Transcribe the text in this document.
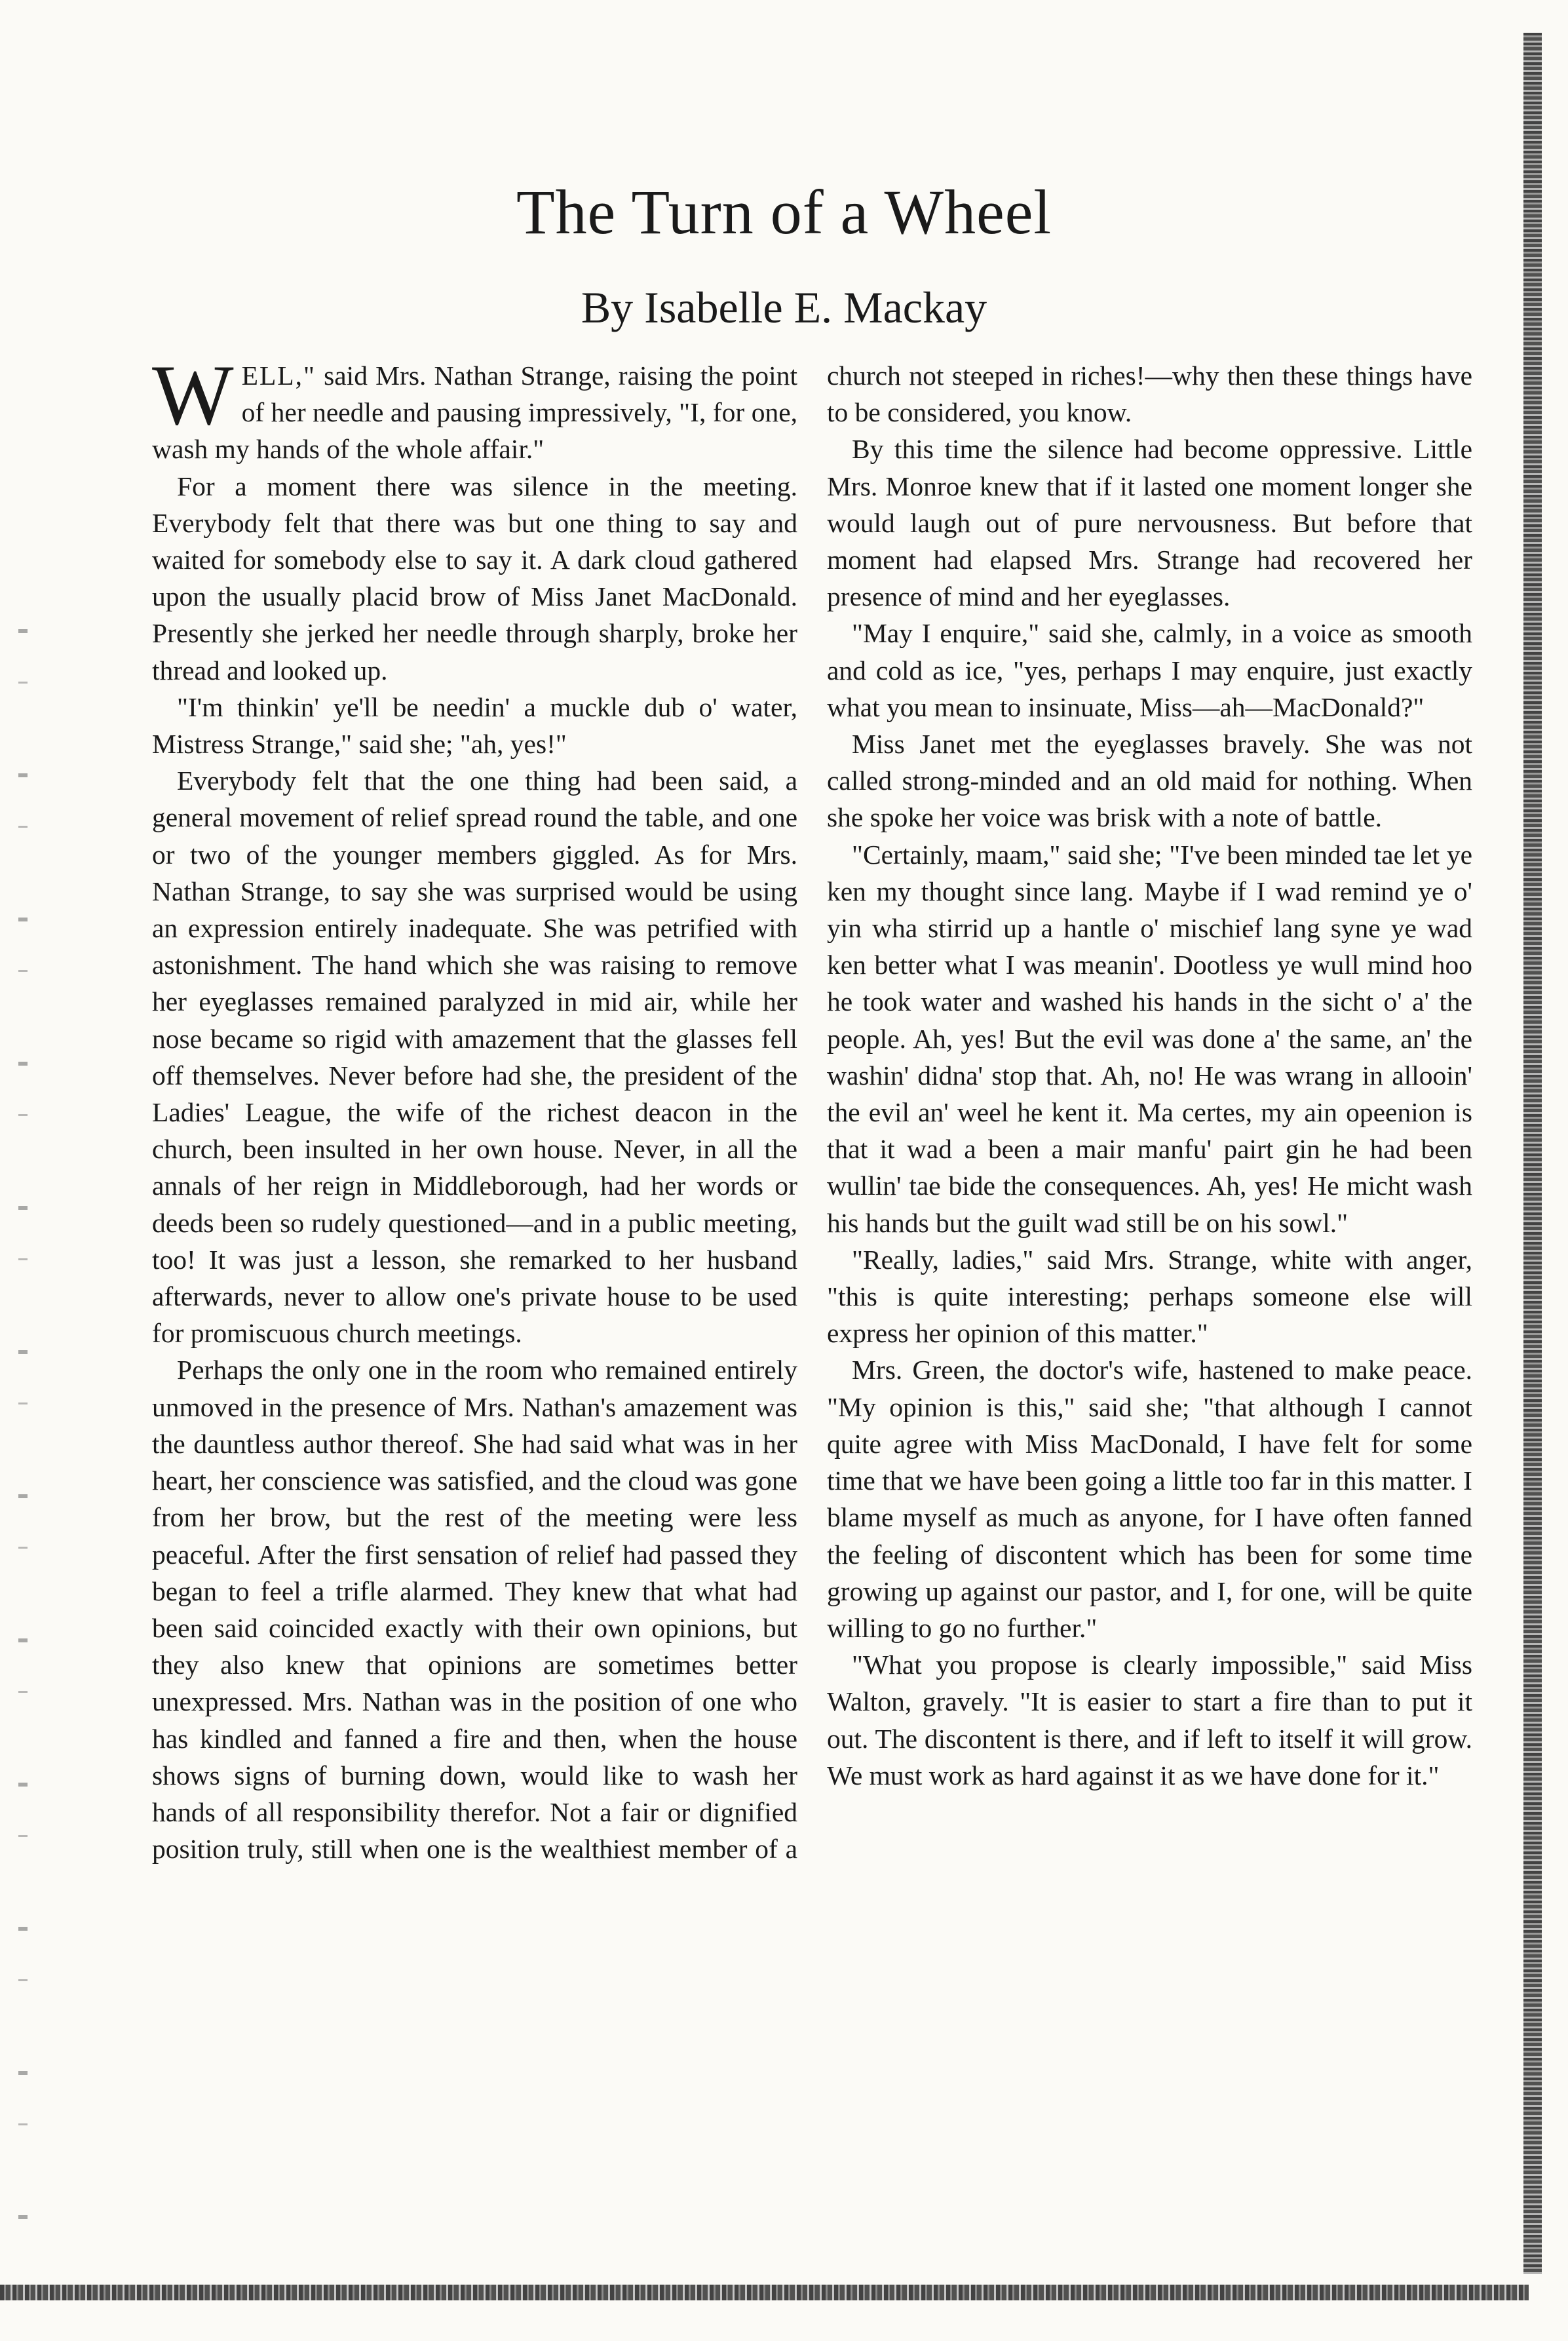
The Turn of a Wheel
By Isabelle E. Mackay

WELL," said Mrs. Nathan Strange, raising the point of her needle and pausing impressively, "I, for one, wash my hands of the whole affair."

For a moment there was silence in the meeting. Everybody felt that there was but one thing to say and waited for somebody else to say it. A dark cloud gathered upon the usually placid brow of Miss Janet MacDonald. Presently she jerked her needle through sharply, broke her thread and looked up.

"I'm thinkin' ye'll be needin' a muckle dub o' water, Mistress Strange," said she; "ah, yes!"

Everybody felt that the one thing had been said, a general movement of relief spread round the table, and one or two of the younger members giggled. As for Mrs. Nathan Strange, to say she was surprised would be using an expression entirely inadequate. She was petrified with astonishment. The hand which she was raising to remove her eyeglasses remained paralyzed in mid air, while her nose became so rigid with amazement that the glasses fell off themselves. Never before had she, the president of the Ladies' League, the wife of the richest deacon in the church, been insulted in her own house. Never, in all the annals of her reign in Middleborough, had her words or deeds been so rudely questioned—and in a public meeting, too! It was just a lesson, she remarked to her husband afterwards, never to allow one's private house to be used for promiscuous church meetings.

Perhaps the only one in the room who remained entirely unmoved in the presence of Mrs. Nathan's amazement was the dauntless author thereof. She had said what was in her heart, her conscience was satisfied, and the cloud was gone from her brow, but the rest of the meeting were less peaceful. After the first sensation of relief had passed they began to feel a trifle alarmed. They knew that what had been said coincided exactly with their own opinions, but they also knew that opinions are sometimes better unexpressed. Mrs. Nathan was in the position of one who has kindled and fanned a fire and then, when the house shows signs of burning down, would like to wash her hands of all responsibility therefor. Not a fair or dignified position truly, still when one is the wealthiest member of a

church not steeped in riches!—why then these things have to be considered, you know.

By this time the silence had become oppressive. Little Mrs. Monroe knew that if it lasted one moment longer she would laugh out of pure nervousness. But before that moment had elapsed Mrs. Strange had recovered her presence of mind and her eyeglasses.

"May I enquire," said she, calmly, in a voice as smooth and cold as ice, "yes, perhaps I may enquire, just exactly what you mean to insinuate, Miss—ah—MacDonald?"

Miss Janet met the eyeglasses bravely. She was not called strong-minded and an old maid for nothing. When she spoke her voice was brisk with a note of battle.

"Certainly, maam," said she; "I've been minded tae let ye ken my thought since lang. Maybe if I wad remind ye o' yin wha stirrid up a hantle o' mischief lang syne ye wad ken better what I was meanin'. Dootless ye wull mind hoo he took water and washed his hands in the sicht o' a' the people. Ah, yes! But the evil was done a' the same, an' the washin' didna' stop that. Ah, no! He was wrang in allooin' the evil an' weel he kent it. Ma certes, my ain opeenion is that it wad a been a mair manfu' pairt gin he had been wullin' tae bide the consequences. Ah, yes! He micht wash his hands but the guilt wad still be on his sowl."

"Really, ladies," said Mrs. Strange, white with anger, "this is quite interesting; perhaps someone else will express her opinion of this matter."

Mrs. Green, the doctor's wife, hastened to make peace. "My opinion is this," said she; "that although I cannot quite agree with Miss MacDonald, I have felt for some time that we have been going a little too far in this matter. I blame myself as much as anyone, for I have often fanned the feeling of discontent which has been for some time growing up against our pastor, and I, for one, will be quite willing to go no further."

"What you propose is clearly impossible," said Miss Walton, gravely. "It is easier to start a fire than to put it out. The discontent is there, and if left to itself it will grow. We must work as hard against it as we have done for it."
